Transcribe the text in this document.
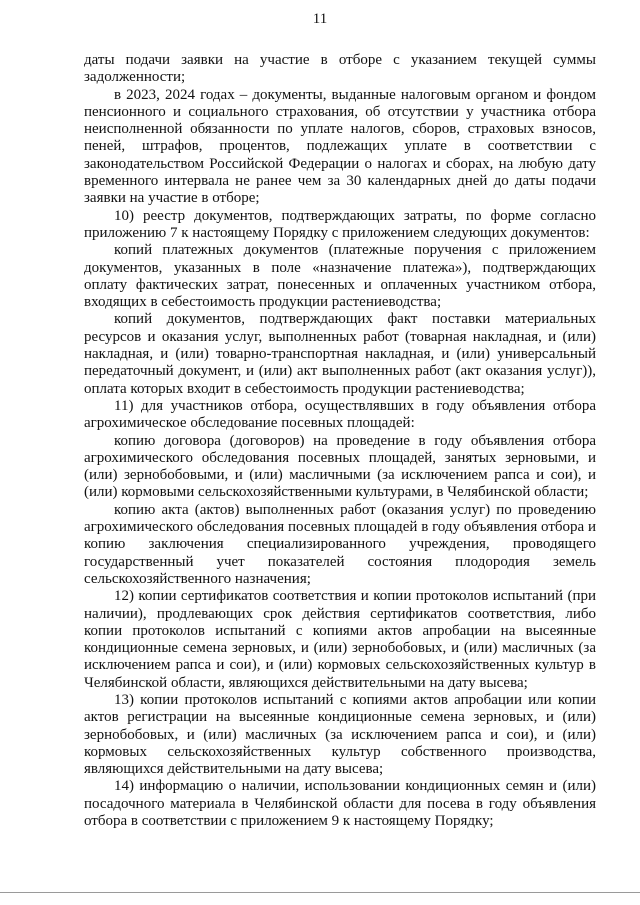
11

даты подачи заявки на участие в отборе с указанием текущей суммы задолженности;

в 2023, 2024 годах – документы, выданные налоговым органом и фондом пенсионного и социального страхования, об отсутствии у участника отбора неисполненной обязанности по уплате налогов, сборов, страховых взносов, пеней, штрафов, процентов, подлежащих уплате в соответствии с законодательством Российской Федерации о налогах и сборах, на любую дату временного интервала не ранее чем за 30 календарных дней до даты подачи заявки на участие в отборе;

10) реестр документов, подтверждающих затраты, по форме согласно приложению 7 к настоящему Порядку с приложением следующих документов:

копий платежных документов (платежные поручения с приложением документов, указанных в поле «назначение платежа»), подтверждающих оплату фактических затрат, понесенных и оплаченных участником отбора, входящих в себестоимость продукции растениеводства;

копий документов, подтверждающих факт поставки материальных ресурсов и оказания услуг, выполненных работ (товарная накладная, и (или) накладная, и (или) товарно-транспортная накладная, и (или) универсальный передаточный документ, и (или) акт выполненных работ (акт оказания услуг)), оплата которых входит в себестоимость продукции растениеводства;

11) для участников отбора, осуществлявших в году объявления отбора агрохимическое обследование посевных площадей:

копию договора (договоров) на проведение в году объявления отбора агрохимического обследования посевных площадей, занятых зерновыми, и (или) зернобобовыми, и (или) масличными (за исключением рапса и сои), и (или) кормовыми сельскохозяйственными культурами, в Челябинской области;

копию акта (актов) выполненных работ (оказания услуг) по проведению агрохимического обследования посевных площадей в году объявления отбора и копию заключения специализированного учреждения, проводящего государственный учет показателей состояния плодородия земель сельскохозяйственного назначения;

12) копии сертификатов соответствия и копии протоколов испытаний (при наличии), продлевающих срок действия сертификатов соответствия, либо копии протоколов испытаний с копиями актов апробации на высеянные кондиционные семена зерновых, и (или) зернобобовых, и (или) масличных (за исключением рапса и сои), и (или) кормовых сельскохозяйственных культур в Челябинской области, являющихся действительными на дату высева;

13) копии протоколов испытаний с копиями актов апробации или копии актов регистрации на высеянные кондиционные семена зерновых, и (или) зернобобовых, и (или) масличных (за исключением рапса и сои), и (или) кормовых сельскохозяйственных культур собственного производства, являющихся действительными на дату высева;

14) информацию о наличии, использовании кондиционных семян и (или) посадочного материала в Челябинской области для посева в году объявления отбора в соответствии с приложением 9 к настоящему Порядку;
